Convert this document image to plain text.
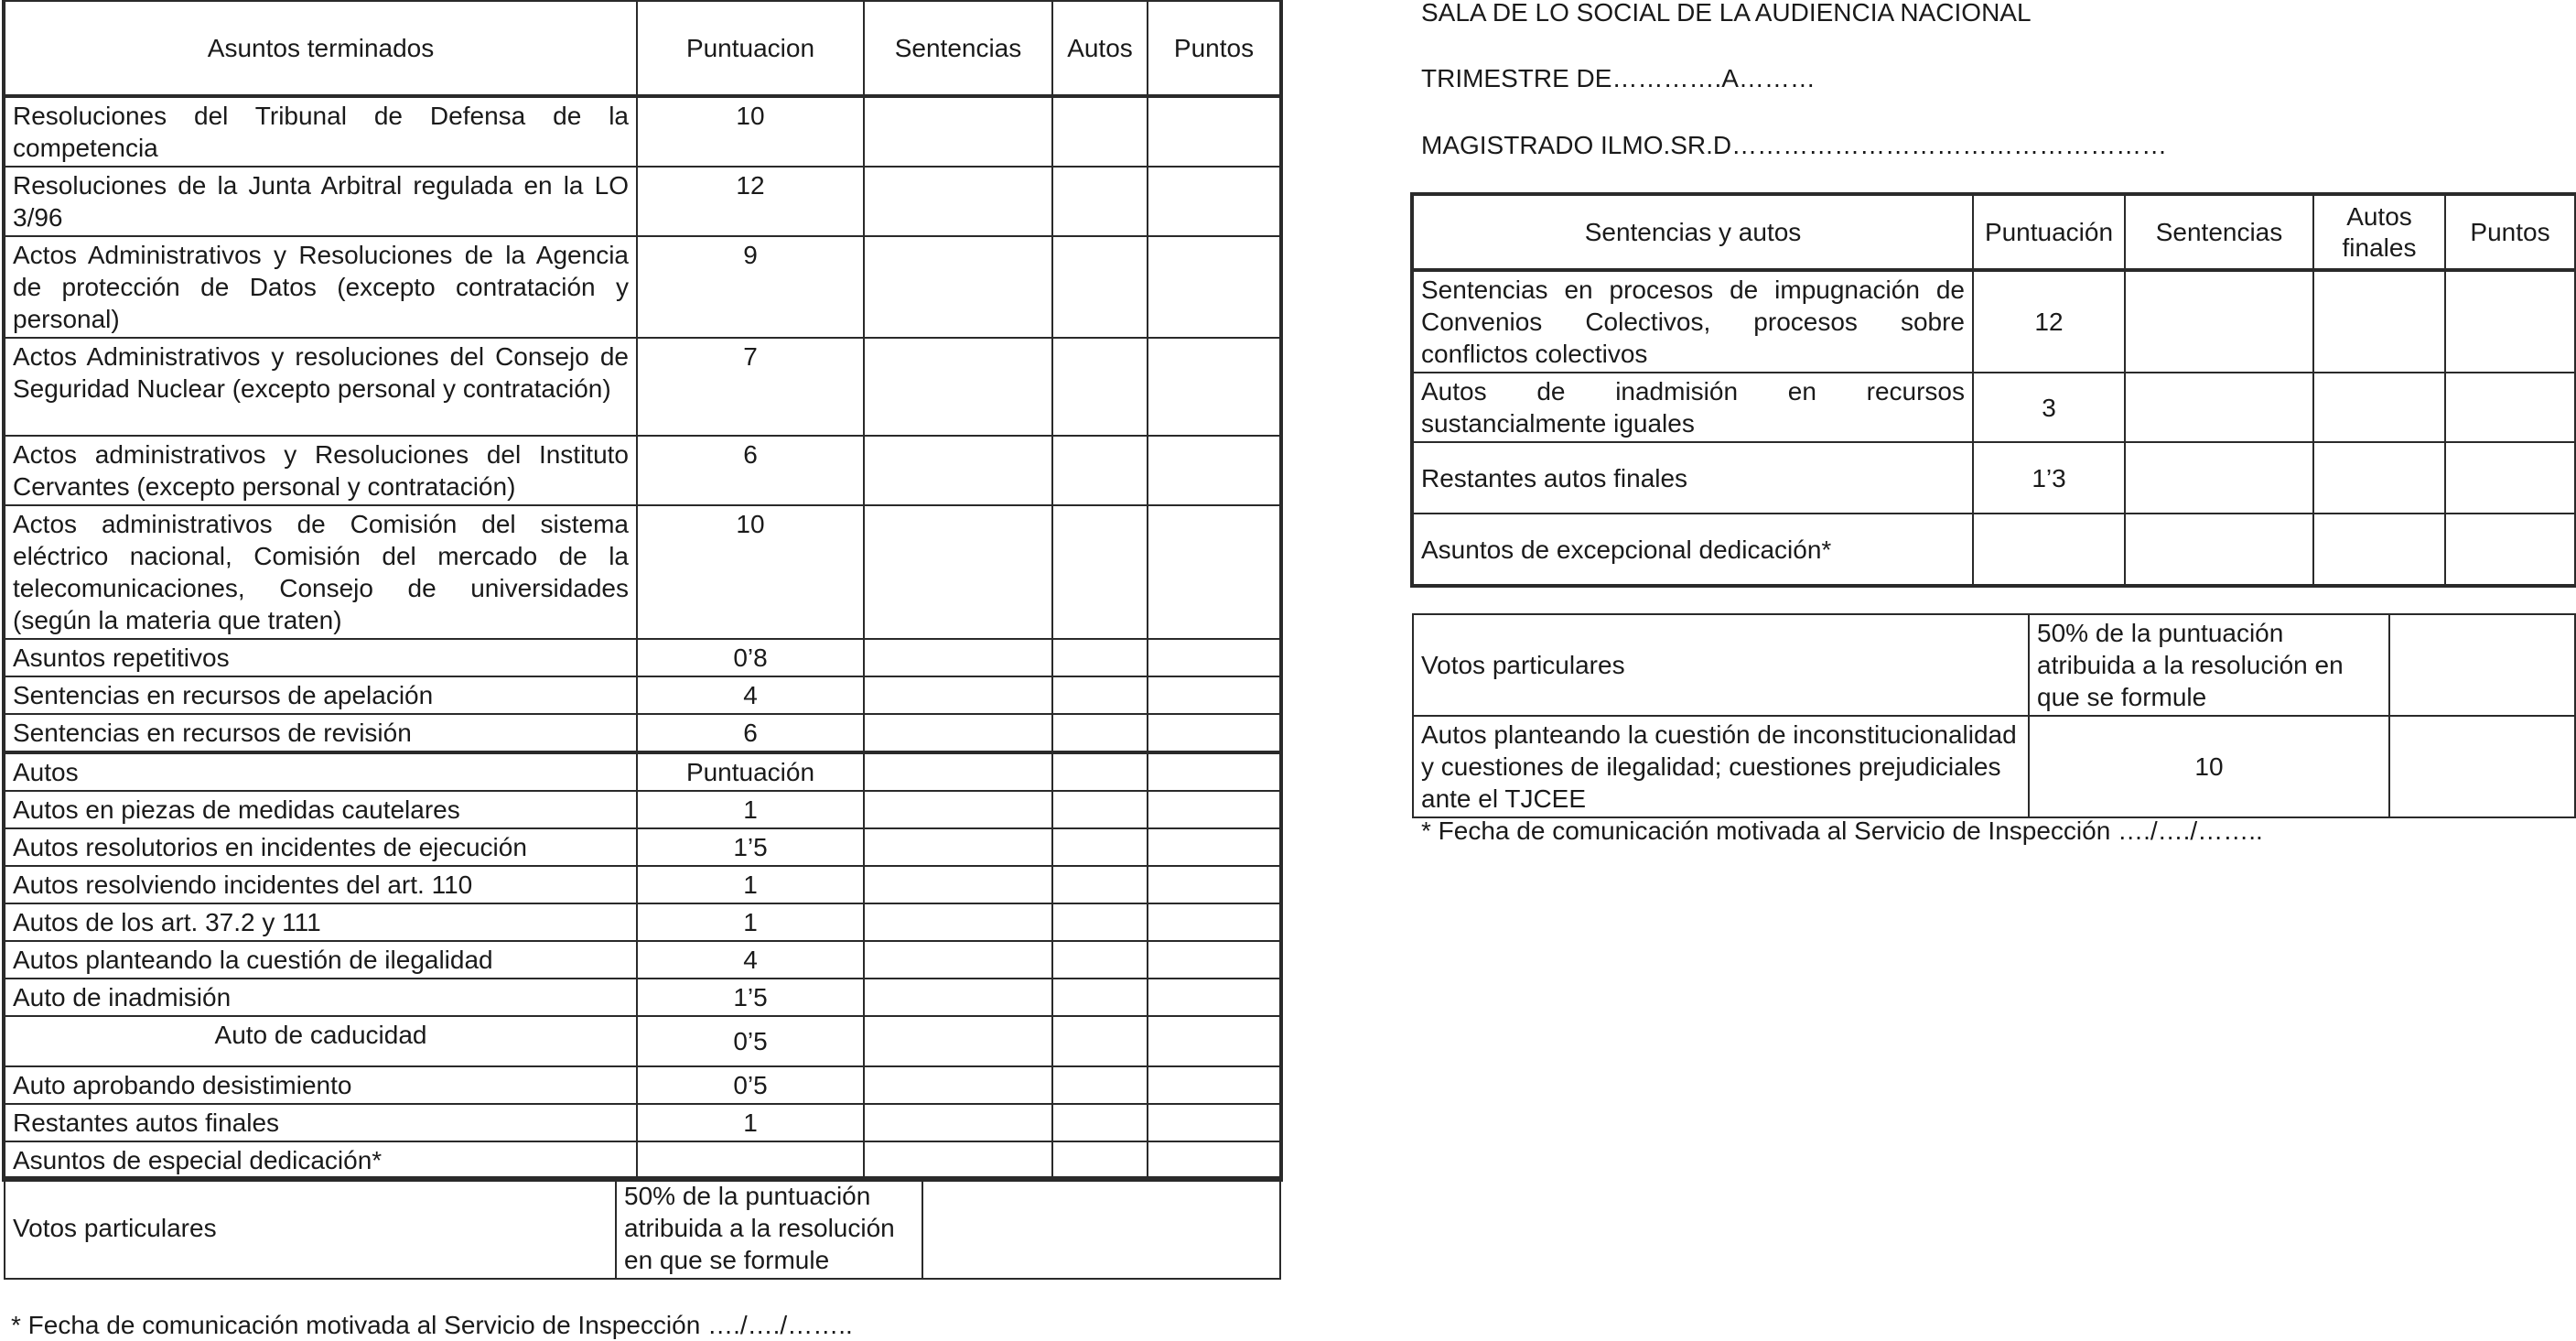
Asuntos terminados	Puntuacion	Sentencias	Autos	Puntos
Resoluciones del Tribunal de Defensa de la competencia	10			
Resoluciones de la Junta Arbitral regulada en la LO 3/96	12			
Actos Administrativos y Resoluciones de la Agencia de protección de Datos (excepto contratación y personal)	9			
Actos Administrativos y resoluciones del Consejo de Seguridad Nuclear (excepto personal y contratación)	7			
Actos administrativos y Resoluciones del Instituto Cervantes (excepto personal y contratación)	6			
Actos administrativos de Comisión del sistema eléctrico nacional, Comisión del mercado de la telecomunicaciones, Consejo de universidades (según la materia que traten)	10			
Asuntos repetitivos	0’8			
Sentencias en recursos de apelación	4			
Sentencias en recursos de revisión	6			
Autos	Puntuación			
Autos en piezas de medidas cautelares	1			
Autos resolutorios en incidentes de ejecución	1’5			
Autos resolviendo incidentes del art. 110	1			
Autos de los art. 37.2 y 111	1			
Autos planteando la cuestión de ilegalidad	4			
Auto de inadmisión	1’5			
Auto de caducidad	0’5			
Auto aprobando desistimiento	0’5			
Restantes autos finales	1			
Asuntos de especial dedicación*				
Votos particulares	50% de la puntuación atribuida a la resolución en que se formule	

* Fecha de comunicación motivada al Servicio de Inspección …./…./……..

SALA DE LO SOCIAL DE LA AUDIENCIA NACIONAL

TRIMESTRE DE………….A………

MAGISTRADO ILMO.SR.D……………………………………………

Sentencias y autos	Puntuación	Sentencias	Autos finales	Puntos
Sentencias en procesos de impugnación de Convenios Colectivos, procesos sobre conflictos colectivos	12			
Autos de inadmisión en recursos sustancialmente iguales	3			
Restantes autos finales	1’3			
Asuntos de excepcional dedicación*				
Votos particulares	50% de la puntuación atribuida a la resolución en que se formule	
Autos planteando la cuestión de inconstitucionalidad y cuestiones de ilegalidad; cuestiones prejudiciales ante el TJCEE	10	

* Fecha de comunicación motivada al Servicio de Inspección …./…./……..
